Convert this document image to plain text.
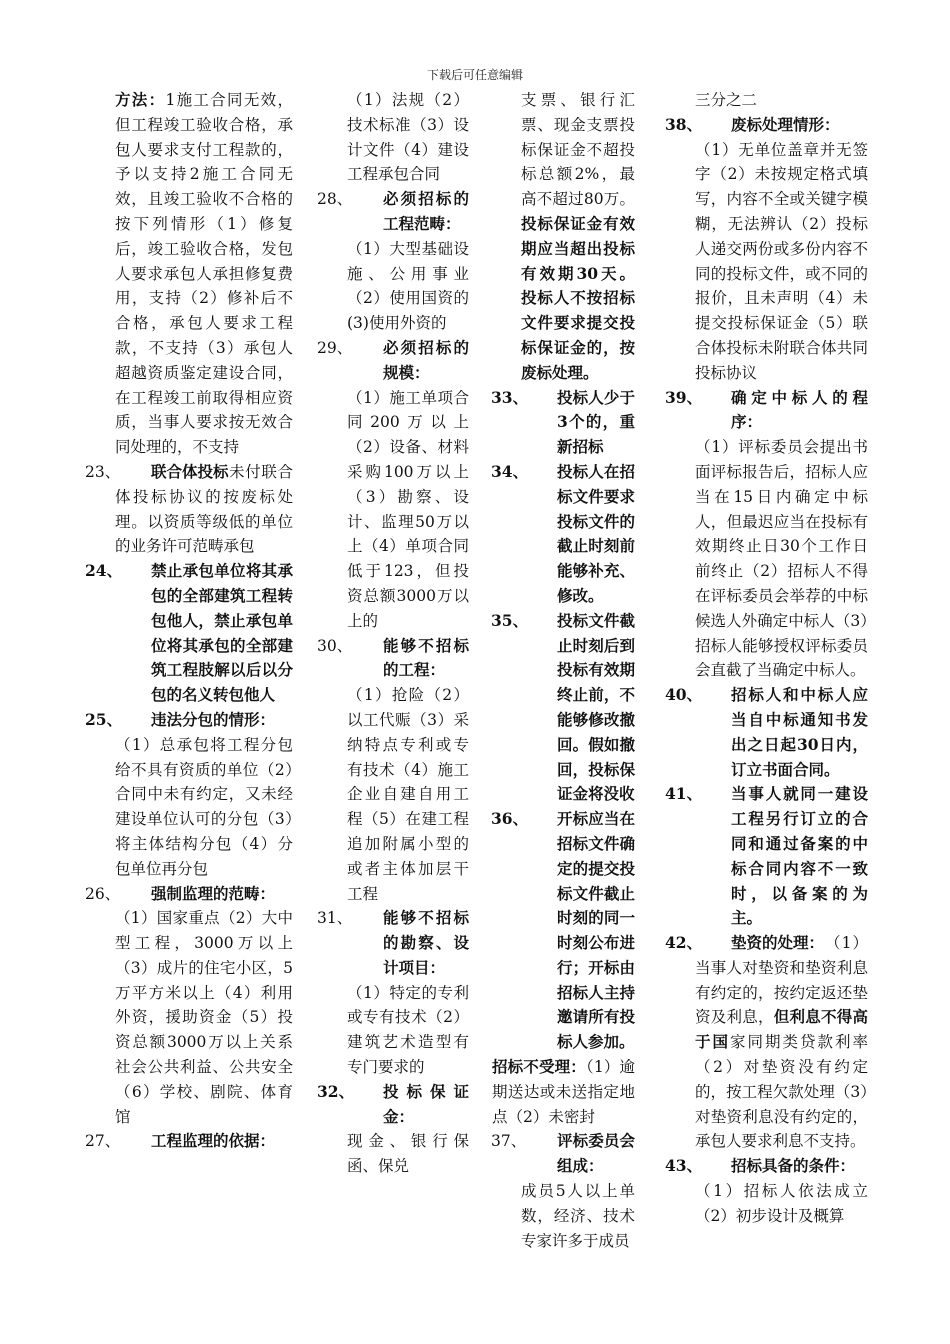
下载后可任意编辑

方法：1施工合同无效，但工程竣工验收合格，承包人要求支付工程款的，予以支持2施工合同无效，且竣工验收不合格的按下列情形（1）修复后，竣工验收合格，发包人要求承包人承担修复费用，支持（2）修补后不合格，承包人要求工程款，不支持（3）承包人超越资质鉴定建设合同，在工程竣工前取得相应资质，当事人要求按无效合同处理的，不支持

23、	联合体投标未付联合体投标协议的按废标处理。以资质等级低的单位的业务许可范畴承包

24、 禁止承包单位将其承包的全部建筑工程转包他人，禁止承包单位将其承包的全部建筑工程肢解以后以分包的名义转包他人

25、 违法分包的情形：（1）总承包将工程分包给不具有资质的单位（2）合同中未有约定，又未经建设单位认可的分包（3）将主体结构分包（4）分包单位再分包

26、	强制监理的范畴：（1）国家重点（2）大中型工程，3000万以上（3）成片的住宅小区，5万平方米以上（4）利用外资，援助资金（5）投资总额3000万以上关系社会公共利益、公共安全（6）学校、剧院、体育馆

27、	工程监理的依据：

（1）法规（2）技术标准（3）设计文件（4）建设工程承包合同

28、	必须招标的工程范畴：（1）大型基础设施、公用事业（2）使用国资的(3)使用外资的

29、	必须招标的规模：（1）施工单项合同200万以上（2）设备、材料采购100万以上（3）勘察、设计、监理50万以上（4）单项合同低于123，但投资总额3000万以上的

30、	能够不招标的工程：（1）抢险（2）以工代赈（3）采纳特点专利或专有技术（4）施工企业自建自用工程（5）在建工程追加附属小型的或者主体加层干工程

31、	能够不招标的勘察、设计项目：（1）特定的专利或专有技术（2）建筑艺术造型有专门要求的

32、 投标保证金：现金、银行保函、保兑

支票、银行汇票、现金支票投标保证金不超投标总额2%，最高不超过80万。投标保证金有效期应当超出投标有效期30天。投标人不按招标文件要求提交投标保证金的，按废标处理。

33、 投标人少于3个的，重新招标

34、 投标人在招标文件要求投标文件的截止时刻前能够补充、修改。

35、 投标文件截止时刻后到投标有效期终止前，不能够修改撤回。假如撤回，投标保证金将没收

36、 开标应当在招标文件确定的提交投标文件截止时刻的同一时刻公布进行；开标由招标人主持邀请所有投标人参加。

招标不受理：（1）逾期送达或未送指定地点（2）未密封

37、	评标委员会组成：成员5人以上单数，经济、技术专家许多于成员

三分之二

38、 废标处理情形：（1）无单位盖章并无签字（2）未按规定格式填写，内容不全或关键字模糊，无法辨认（2）投标人递交两份或多份内容不同的投标文件，或不同的报价，且未声明（4）未提交投标保证金（5）联合体投标未附联合体共同投标协议

39、 确定中标人的程序：（1）评标委员会提出书面评标报告后，招标人应当在15日内确定中标人，但最迟应当在投标有效期终止日30个工作日前终止（2）招标人不得在评标委员会举荐的中标候选人外确定中标人（3）招标人能够授权评标委员会直截了当确定中标人。

40、 招标人和中标人应当自中标通知书发出之日起30日内，订立书面合同。

41、 当事人就同一建设工程另行订立的合同和通过备案的中标合同内容不一致时，以备案的为主。

42、 垫资的处理：（1）当事人对垫资和垫资利息有约定的，按约定返还垫资及利息，但利息不得高于国家同期类贷款利率（2）对垫资没有约定的，按工程欠款处理（3）对垫资利息没有约定的，承包人要求利息不支持。

43、 招标具备的条件：（1）招标人依法成立（2）初步设计及概算
